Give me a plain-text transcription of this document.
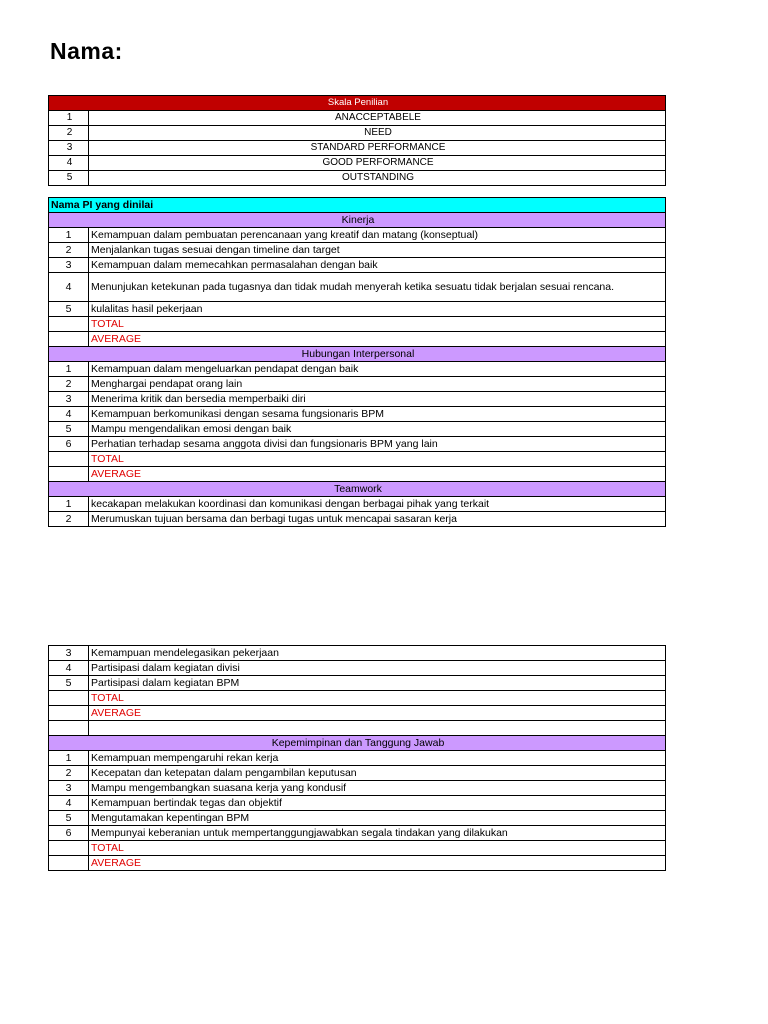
Nama:
Skala Penilian	
1	ANACCEPTABELE
2	NEED
3	STANDARD PERFORMANCE
4	GOOD PERFORMANCE
5	OUTSTANDING
Nama PI yang dinilai	
Kinerja	
1	Kemampuan dalam pembuatan perencanaan yang kreatif dan matang (konseptual)
2	Menjalankan tugas sesuai dengan timeline dan target
3	Kemampuan dalam memecahkan permasalahan dengan baik
4	Menunjukan ketekunan pada tugasnya dan tidak mudah menyerah ketika sesuatu tidak berjalan sesuai rencana.
5	kulalitas hasil pekerjaan
	TOTAL
	AVERAGE
Hubungan Interpersonal	
1	Kemampuan dalam mengeluarkan pendapat dengan baik
2	Menghargai pendapat orang lain
3	Menerima kritik dan bersedia memperbaiki diri
4	Kemampuan berkomunikasi dengan sesama fungsionaris BPM
5	Mampu mengendalikan emosi dengan baik
6	Perhatian terhadap sesama anggota divisi dan fungsionaris BPM yang lain
	TOTAL
	AVERAGE
Teamwork	
1	kecakapan melakukan koordinasi dan komunikasi dengan berbagai pihak yang terkait
2	Merumuskan tujuan bersama dan berbagi tugas untuk mencapai sasaran kerja
3	Kemampuan mendelegasikan pekerjaan
4	Partisipasi dalam kegiatan divisi
5	Partisipasi dalam kegiatan BPM
	TOTAL
	AVERAGE

Kepemimpinan dan Tanggung Jawab	
1	Kemampuan mempengaruhi rekan kerja
2	Kecepatan dan ketepatan dalam pengambilan keputusan
3	Mampu mengembangkan suasana kerja yang kondusif
4	Kemampuan bertindak tegas dan objektif
5	Mengutamakan kepentingan BPM
6	Mempunyai keberanian untuk mempertanggungjawabkan segala tindakan yang dilakukan
	TOTAL
	AVERAGE
